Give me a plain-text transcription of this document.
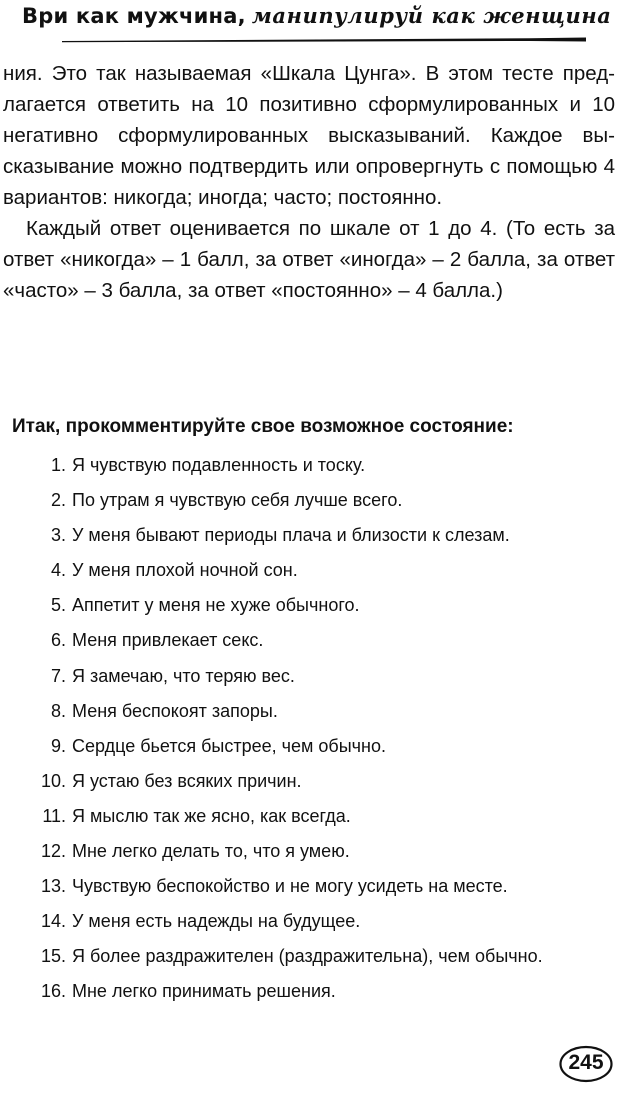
Ври как мужчина, манипулируй как женщина

ния. Это так называемая «Шкала Цунга». В этом тесте предлагается ответить на 10 позитивно сформулированных и 10 негативно сформулированных высказываний. Каждое высказывание можно подтвердить или опровергнуть с помощью 4 вариантов: никогда; иногда; часто; постоянно.

Каждый ответ оценивается по шкале от 1 до 4. (То есть за ответ «никогда» – 1 балл, за ответ «иногда» – 2 балла, за ответ «часто» – 3 балла, за ответ «постоянно» – 4 балла.)

Итак, прокомментируйте свое возможное состояние:
1. Я чувствую подавленность и тоску.
2. По утрам я чувствую себя лучше всего.
3. У меня бывают периоды плача и близости к слезам.
4. У меня плохой ночной сон.
5. Аппетит у меня не хуже обычного.
6. Меня привлекает секс.
7. Я замечаю, что теряю вес.
8. Меня беспокоят запоры.
9. Сердце бьется быстрее, чем обычно.
10. Я устаю без всяких причин.
11. Я мыслю так же ясно, как всегда.
12. Мне легко делать то, что я умею.
13. Чувствую беспокойство и не могу усидеть на месте.
14. У меня есть надежды на будущее.
15. Я более раздражителен (раздражительна), чем обычно.
16. Мне легко принимать решения.
245
